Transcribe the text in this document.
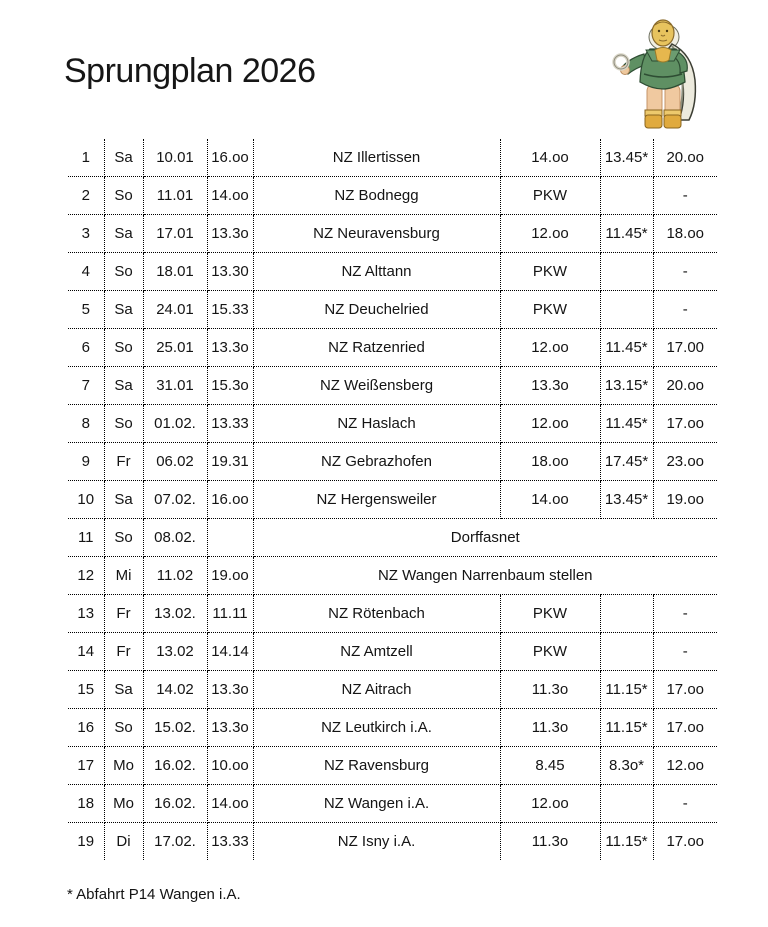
Sprungplan 2026
1	Sa	10.01	16.oo	NZ Illertissen	14.oo	13.45*	20.oo
2	So	11.01	14.oo	NZ Bodnegg	PKW		-
3	Sa	17.01	13.3o	NZ Neuravensburg	12.oo	11.45*	18.oo
4	So	18.01	13.30	NZ Alttann	PKW		-
5	Sa	24.01	15.33	NZ Deuchelried	PKW		-
6	So	25.01	13.3o	NZ Ratzenried	12.oo	11.45*	17.00
7	Sa	31.01	15.3o	NZ Weißensberg	13.3o	13.15*	20.oo
8	So	01.02.	13.33	NZ Haslach	12.oo	11.45*	17.oo
9	Fr	06.02	19.31	NZ Gebrazhofen	18.oo	17.45*	23.oo
10	Sa	07.02.	16.oo	NZ Hergensweiler	14.oo	13.45*	19.oo
11	So	08.02.		Dorffasnet			
12	Mi	11.02	19.oo	NZ Wangen Narrenbaum stellen			
13	Fr	13.02.	11.11	NZ Rötenbach	PKW		-
14	Fr	13.02	14.14	NZ Amtzell	PKW		-
15	Sa	14.02	13.3o	NZ Aitrach	11.3o	11.15*	17.oo
16	So	15.02.	13.3o	NZ Leutkirch i.A.	11.3o	11.15*	17.oo
17	Mo	16.02.	10.oo	NZ Ravensburg	8.45	8.3o*	12.oo
18	Mo	16.02.	14.oo	NZ Wangen i.A.	12.oo		-
19	Di	17.02.	13.33	NZ Isny i.A.	11.3o	11.15*	17.oo
* Abfahrt P14 Wangen i.A.
